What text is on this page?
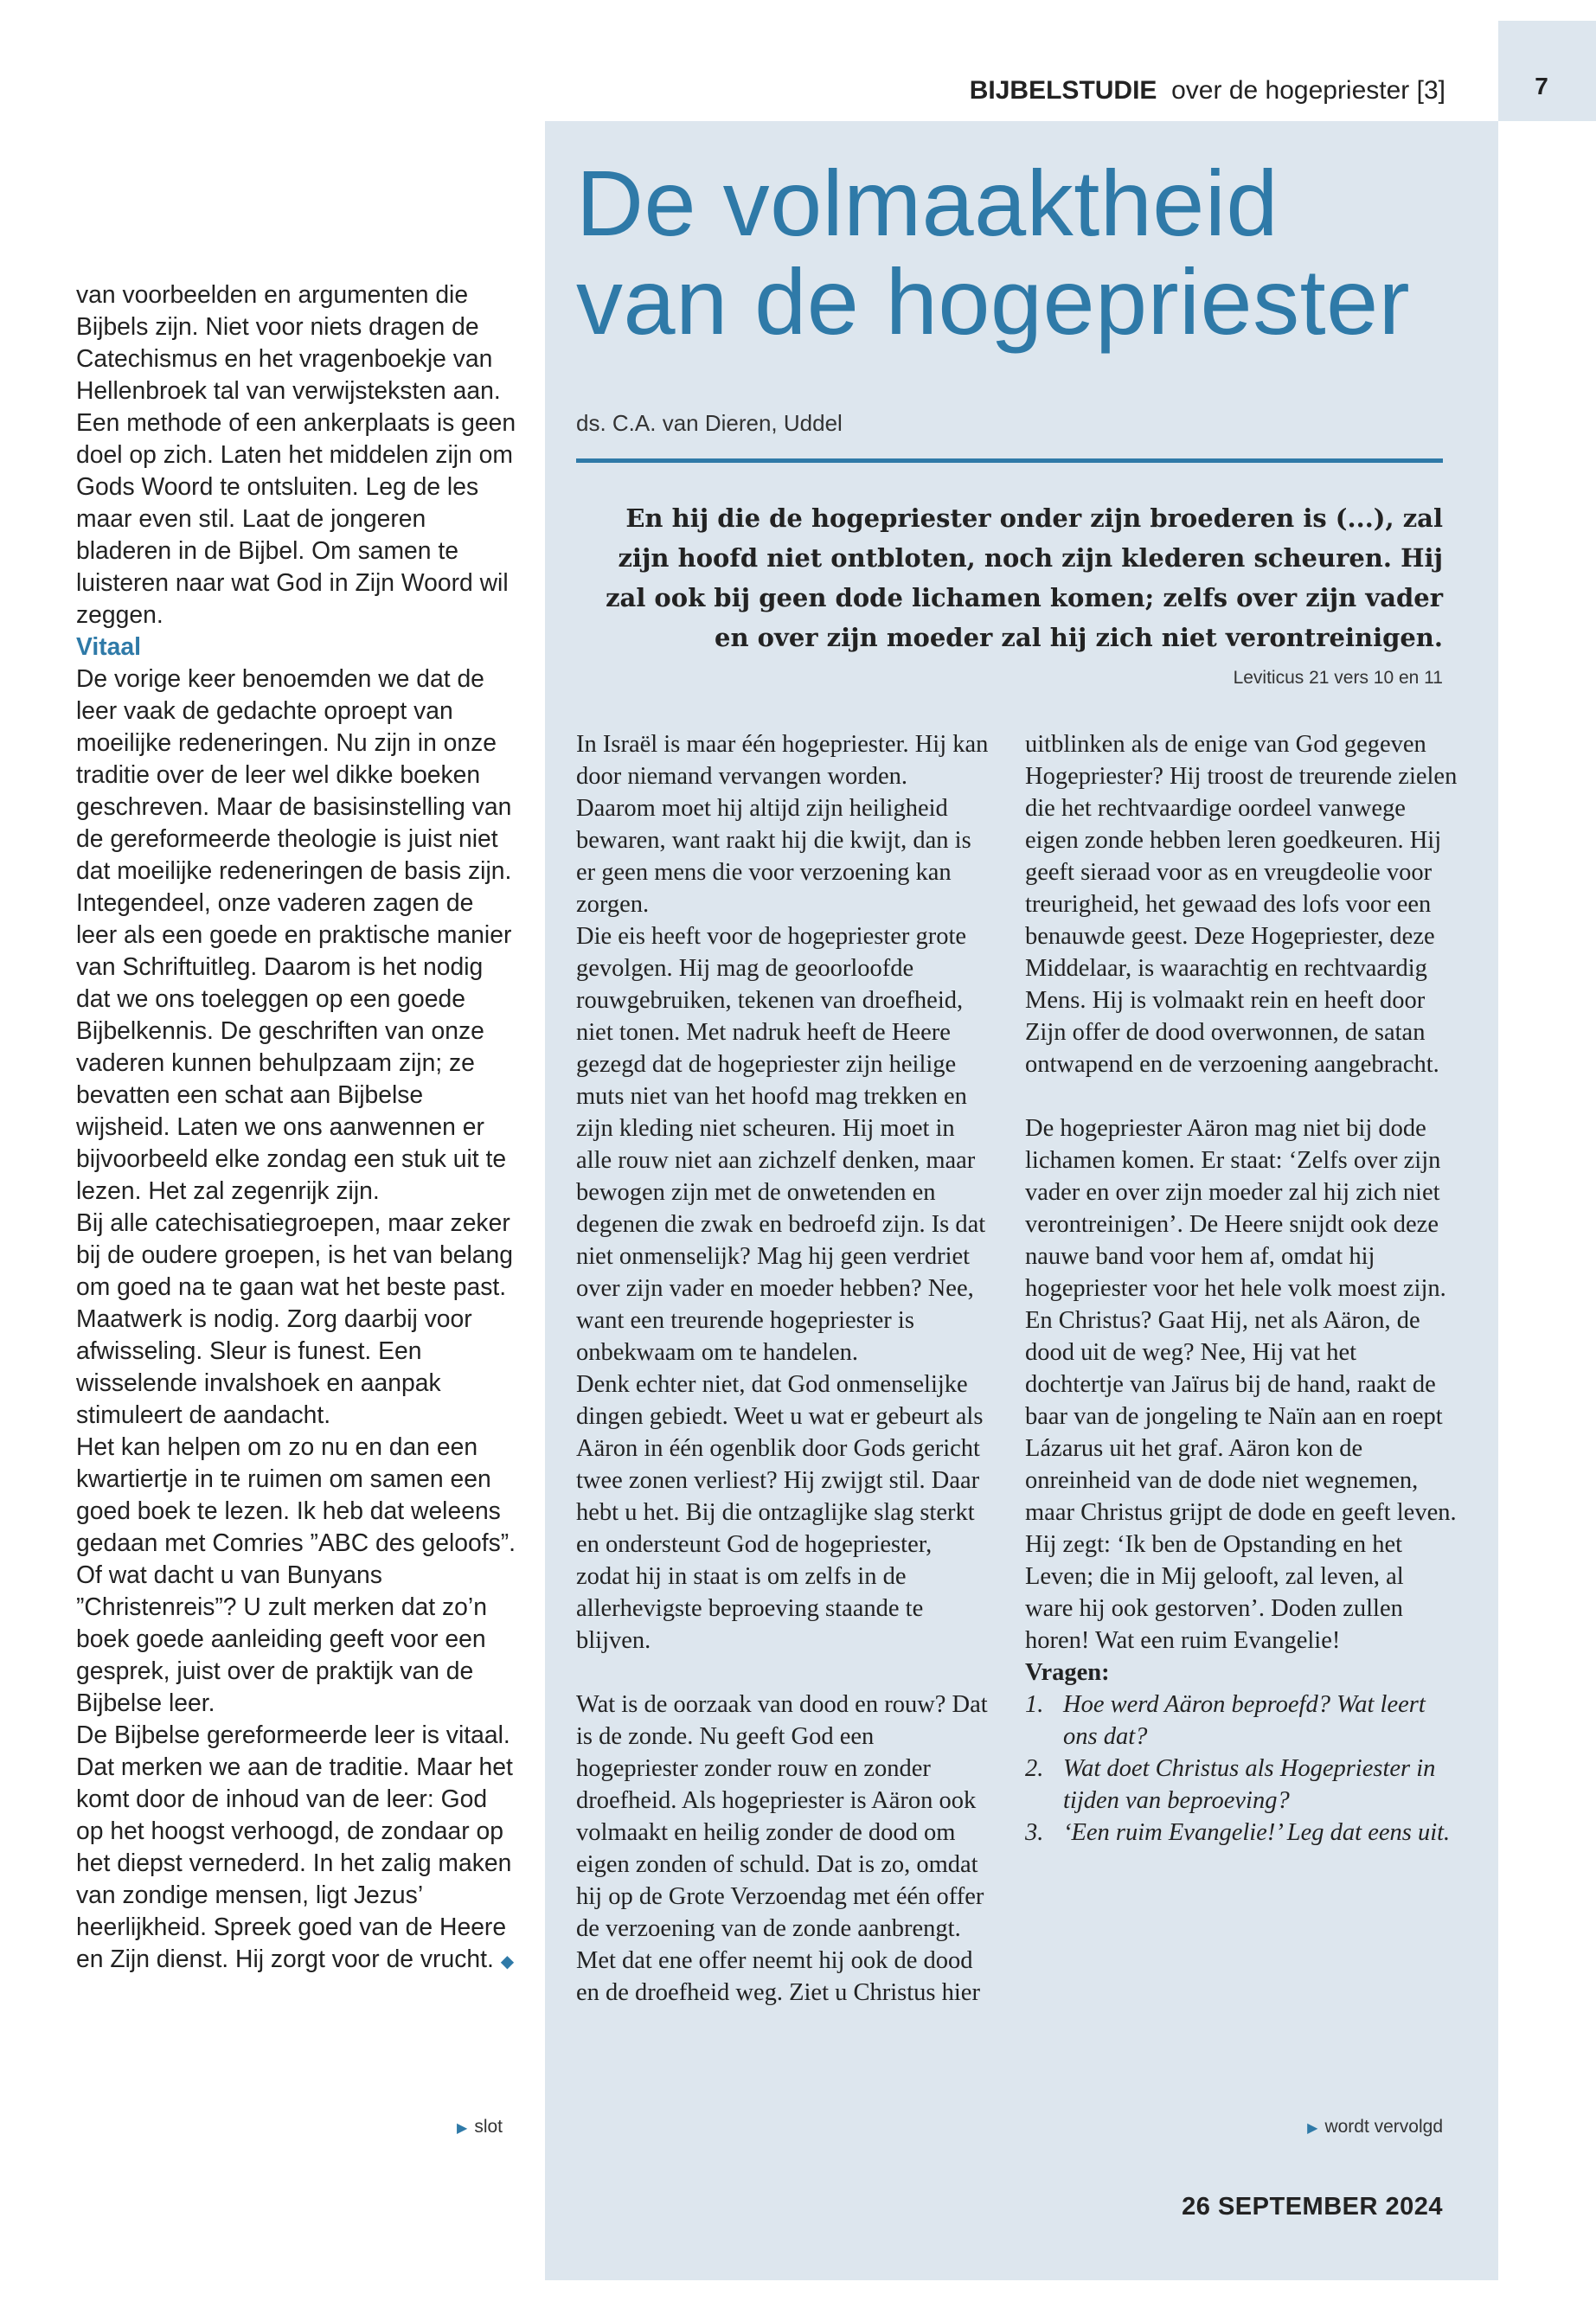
7
BIJBELSTUDIE over de hogepriester [3]

van voorbeelden en argumenten die Bijbels zijn. Niet voor niets dragen de Catechismus en het vragenboekje van Hellenbroek tal van verwijsteksten aan. Een methode of een ankerplaats is geen doel op zich. Laten het middelen zijn om Gods Woord te ontsluiten. Leg de les maar even stil. Laat de jongeren bladeren in de Bijbel. Om samen te luisteren naar wat God in Zijn Woord wil zeggen.

Vitaal

De vorige keer benoemden we dat de leer vaak de gedachte oproept van moeilijke redeneringen. Nu zijn in onze traditie over de leer wel dikke boeken geschreven. Maar de basisinstelling van de gereformeerde theologie is juist niet dat moeilijke redeneringen de basis zijn. Integendeel, onze vaderen zagen de leer als een goede en praktische manier van Schriftuitleg. Daarom is het nodig dat we ons toeleggen op een goede Bijbelkennis. De geschriften van onze vaderen kunnen behulpzaam zijn; ze bevatten een schat aan Bijbelse wijsheid. Laten we ons aanwennen er bijvoorbeeld elke zondag een stuk uit te lezen. Het zal zegenrijk zijn.

Bij alle catechisatiegroepen, maar zeker bij de oudere groepen, is het van belang om goed na te gaan wat het beste past. Maatwerk is nodig. Zorg daarbij voor afwisseling. Sleur is funest. Een wisselende invalshoek en aanpak stimuleert de aandacht.

Het kan helpen om zo nu en dan een kwartiertje in te ruimen om samen een goed boek te lezen. Ik heb dat weleens gedaan met Comries ”ABC des geloofs”. Of wat dacht u van Bunyans ”Christenreis”? U zult merken dat zo’n boek goede aanleiding geeft voor een gesprek, juist over de praktijk van de Bijbelse leer.

De Bijbelse gereformeerde leer is vitaal. Dat merken we aan de traditie. Maar het komt door de inhoud van de leer: God op het hoogst verhoogd, de zondaar op het diepst vernederd. In het zalig maken van zondige mensen, ligt Jezus’ heerlijkheid. Spreek goed van de Heere en Zijn dienst. Hij zorgt voor de vrucht. ◆

▶ slot
De volmaaktheid
van de hogepriester
ds. C.A. van Dieren, Uddel

En hij die de hogepriester onder zijn broederen is (...), zal zijn hoofd niet ontbloten, noch zijn klederen scheuren. Hij zal ook bij geen dode lichamen komen; zelfs over zijn vader en over zijn moeder zal hij zich niet verontreinigen.

Leviticus 21 vers 10 en 11

In Israël is maar één hogepriester. Hij kan door niemand vervangen worden. Daarom moet hij altijd zijn heiligheid bewaren, want raakt hij die kwijt, dan is er geen mens die voor verzoening kan zorgen.

Die eis heeft voor de hogepriester grote gevolgen. Hij mag de geoorloofde rouwgebruiken, tekenen van droefheid, niet tonen. Met nadruk heeft de Heere gezegd dat de hogepriester zijn heilige muts niet van het hoofd mag trekken en zijn kleding niet scheuren. Hij moet in alle rouw niet aan zichzelf denken, maar bewogen zijn met de onwetenden en degenen die zwak en bedroefd zijn. Is dat niet onmenselijk? Mag hij geen verdriet over zijn vader en moeder hebben? Nee, want een treurende hogepriester is onbekwaam om te handelen.

Denk echter niet, dat God onmenselijke dingen gebiedt. Weet u wat er gebeurt als Aäron in één ogenblik door Gods gericht twee zonen verliest? Hij zwijgt stil. Daar hebt u het. Bij die ontzaglijke slag sterkt en ondersteunt God de hogepriester, zodat hij in staat is om zelfs in de allerhevigste beproeving staande te blijven.

Wat is de oorzaak van dood en rouw? Dat is de zonde. Nu geeft God een hogepriester zonder rouw en zonder droefheid. Als hogepriester is Aäron ook volmaakt en heilig zonder de dood om eigen zonden of schuld. Dat is zo, omdat hij op de Grote Verzoendag met één offer de verzoening van de zonde aanbrengt. Met dat ene offer neemt hij ook de dood en de droefheid weg. Ziet u Christus hier

uitblinken als de enige van God gegeven Hogepriester? Hij troost de treurende zielen die het rechtvaardige oordeel vanwege eigen zonde hebben leren goedkeuren. Hij geeft sieraad voor as en vreugdeolie voor treurigheid, het gewaad des lofs voor een benauwde geest. Deze Hogepriester, deze Middelaar, is waarachtig en rechtvaardig Mens. Hij is volmaakt rein en heeft door Zijn offer de dood overwonnen, de satan ontwapend en de verzoening aangebracht.

De hogepriester Aäron mag niet bij dode lichamen komen. Er staat: ‘Zelfs over zijn vader en over zijn moeder zal hij zich niet verontreinigen’. De Heere snijdt ook deze nauwe band voor hem af, omdat hij hogepriester voor het hele volk moest zijn. En Christus? Gaat Hij, net als Aäron, de dood uit de weg? Nee, Hij vat het dochtertje van Jaïrus bij de hand, raakt de baar van de jongeling te Naïn aan en roept Lázarus uit het graf. Aäron kon de onreinheid van de dode niet wegnemen, maar Christus grijpt de dode en geeft leven. Hij zegt: ‘Ik ben de Opstanding en het Leven; die in Mij gelooft, zal leven, al ware hij ook gestorven’. Doden zullen horen! Wat een ruim Evangelie!

Vragen:

1. Hoe werd Aäron beproefd? Wat leert ons dat?
2. Wat doet Christus als Hogepriester in tijden van beproeving?
3. ‘Een ruim Evangelie!’ Leg dat eens uit.
▶ wordt vervolgd
26 SEPTEMBER 2024
